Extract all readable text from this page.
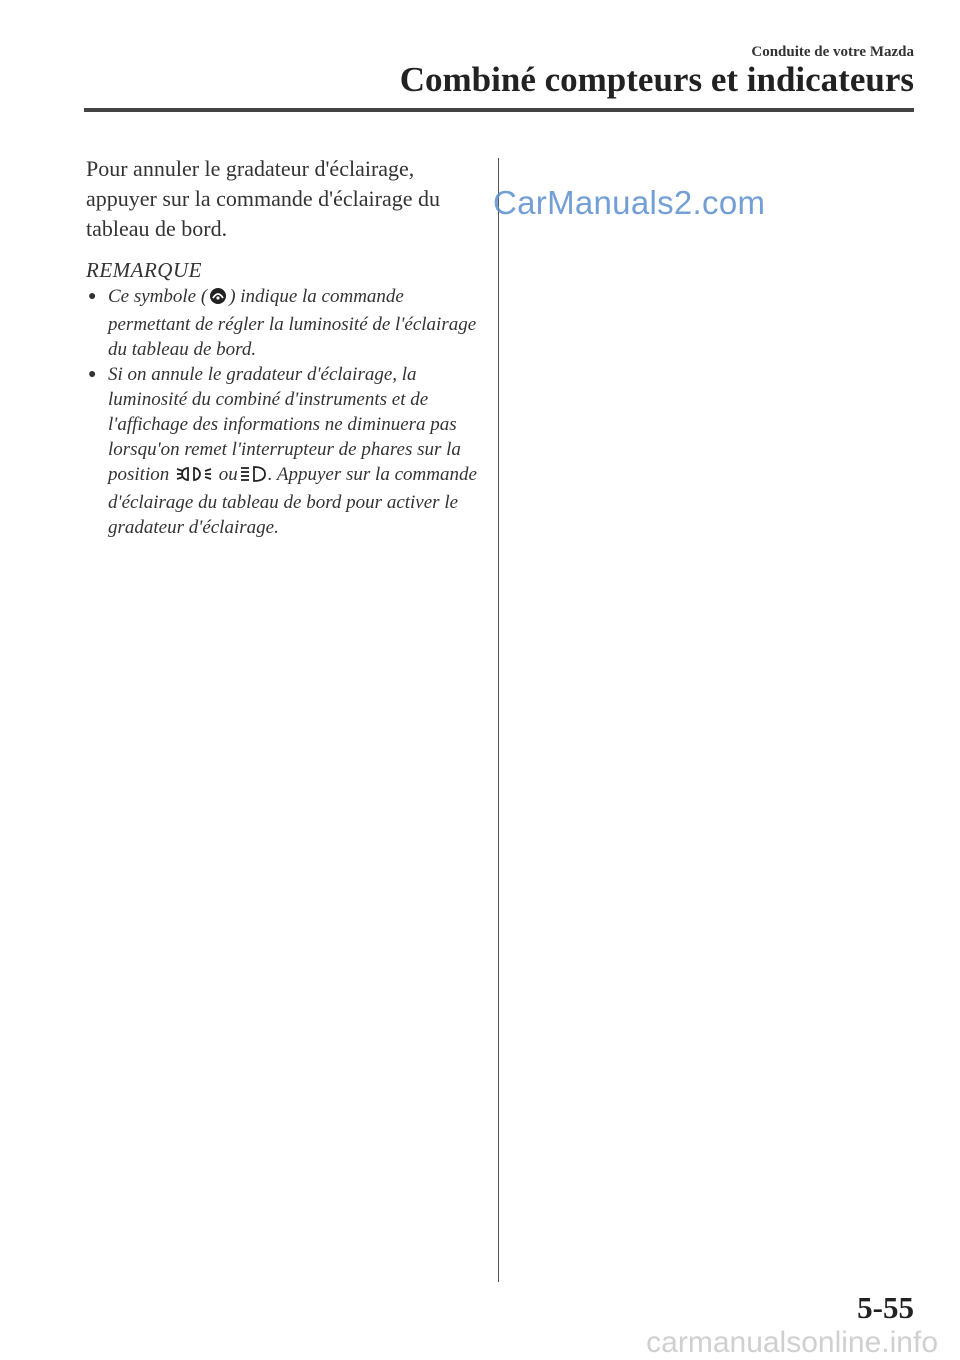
Conduite de votre Mazda
Combiné compteurs et indicateurs

Pour annuler le gradateur d'éclairage, appuyer sur la commande d'éclairage du tableau de bord.

REMARQUE
● Ce symbole ( ) indique la commande permettant de régler la luminosité de l'éclairage du tableau de bord.
● Si on annule le gradateur d'éclairage, la luminosité du combiné d'instruments et de l'affichage des informations ne diminuera pas lorsqu'on remet l'interrupteur de phares sur la position	ou . Appuyer sur la commande d'éclairage du tableau de bord pour activer le gradateur d'éclairage.
CarManuals2.com
5-55
carmanualsonline.info
